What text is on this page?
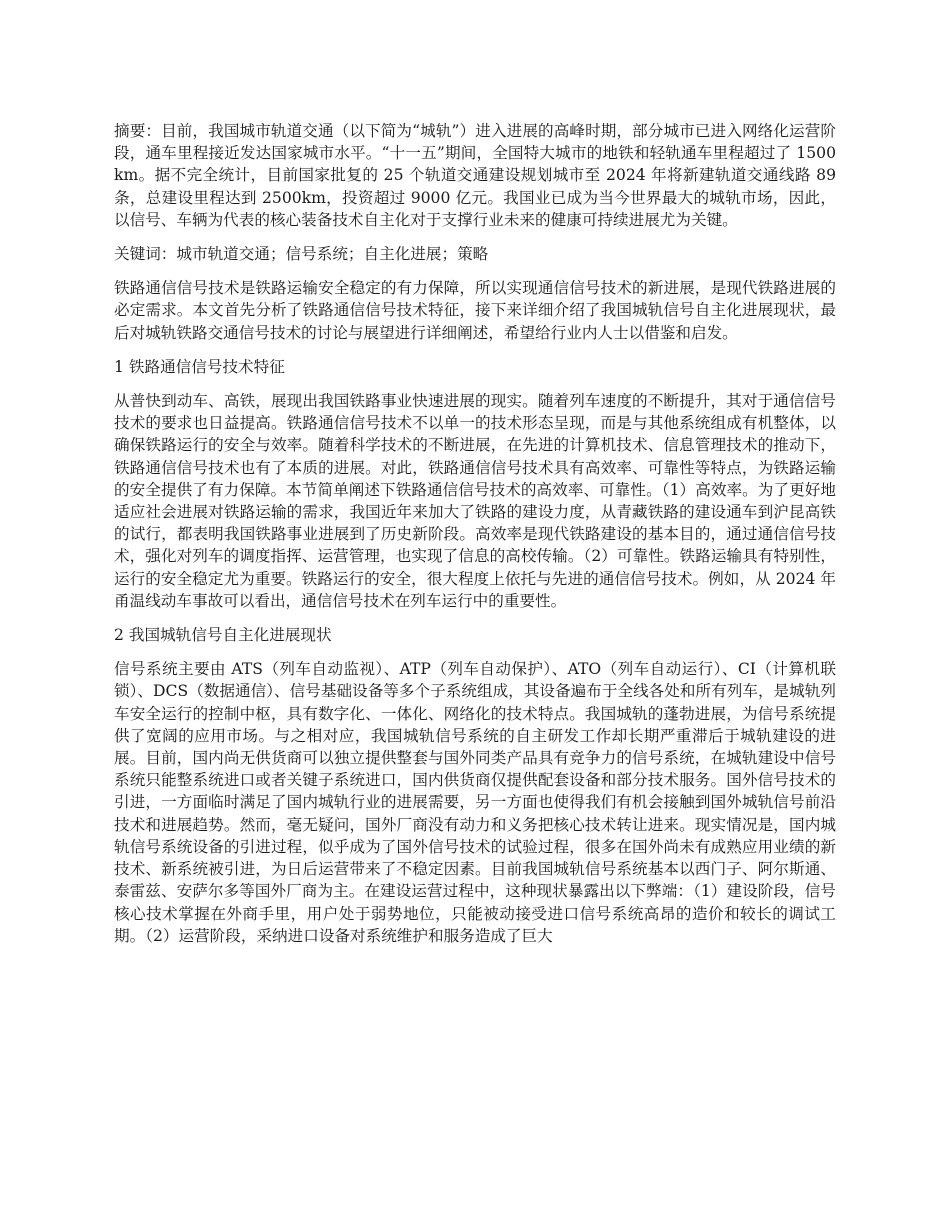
摘要：目前，我国城市轨道交通（以下简为“城轨”）进入进展的高峰时期，部分城市已进入网络化运营阶段，通车里程接近发达国家城市水平。“十一五”期间，全国特大城市的地铁和轻轨通车里程超过了 1500km。据不完全统计，目前国家批复的 25 个轨道交通建设规划城市至 2024 年将新建轨道交通线路 89 条，总建设里程达到 2500km，投资超过 9000 亿元。我国业已成为当今世界最大的城轨市场，因此，以信号、车辆为代表的核心装备技术自主化对于支撑行业未来的健康可持续进展尤为关键。

关键词：城市轨道交通；信号系统；自主化进展；策略

铁路通信信号技术是铁路运输安全稳定的有力保障，所以实现通信信号技术的新进展，是现代铁路进展的必定需求。本文首先分析了铁路通信信号技术特征，接下来详细介绍了我国城轨信号自主化进展现状，最后对城轨铁路交通信号技术的讨论与展望进行详细阐述，希望给行业内人士以借鉴和启发。

1 铁路通信信号技术特征

从普快到动车、高铁，展现出我国铁路事业快速进展的现实。随着列车速度的不断提升，其对于通信信号技术的要求也日益提高。铁路通信信号技术不以单一的技术形态呈现，而是与其他系统组成有机整体，以确保铁路运行的安全与效率。随着科学技术的不断进展，在先进的计算机技术、信息管理技术的推动下，铁路通信信号技术也有了本质的进展。对此，铁路通信信号技术具有高效率、可靠性等特点，为铁路运输的安全提供了有力保障。本节简单阐述下铁路通信信号技术的高效率、可靠性。（1）高效率。为了更好地适应社会进展对铁路运输的需求，我国近年来加大了铁路的建设力度，从青藏铁路的建设通车到沪昆高铁的试行，都表明我国铁路事业进展到了历史新阶段。高效率是现代铁路建设的基本目的，通过通信信号技术，强化对列车的调度指挥、运营管理，也实现了信息的高校传输。（2）可靠性。铁路运输具有特别性，运行的安全稳定尤为重要。铁路运行的安全，很大程度上依托与先进的通信信号技术。例如，从 2024 年甬温线动车事故可以看出，通信信号技术在列车运行中的重要性。

2 我国城轨信号自主化进展现状

信号系统主要由 ATS（列车自动监视）、ATP（列车自动保护）、ATO（列车自动运行）、CI（计算机联锁）、DCS（数据通信）、信号基础设备等多个子系统组成，其设备遍布于全线各处和所有列车，是城轨列车安全运行的控制中枢，具有数字化、一体化、网络化的技术特点。我国城轨的蓬勃进展，为信号系统提供了宽阔的应用市场。与之相对应，我国城轨信号系统的自主研发工作却长期严重滞后于城轨建设的进展。目前，国内尚无供货商可以独立提供整套与国外同类产品具有竞争力的信号系统，在城轨建设中信号系统只能整系统进口或者关键子系统进口，国内供货商仅提供配套设备和部分技术服务。国外信号技术的引进，一方面临时满足了国内城轨行业的进展需要，另一方面也使得我们有机会接触到国外城轨信号前沿技术和进展趋势。然而，毫无疑问，国外厂商没有动力和义务把核心技术转让进来。现实情况是，国内城轨信号系统设备的引进过程，似乎成为了国外信号技术的试验过程，很多在国外尚未有成熟应用业绩的新技术、新系统被引进，为日后运营带来了不稳定因素。目前我国城轨信号系统基本以西门子、阿尔斯通、泰雷兹、安萨尔多等国外厂商为主。在建设运营过程中，这种现状暴露出以下弊端：（1）建设阶段，信号核心技术掌握在外商手里，用户处于弱势地位，只能被动接受进口信号系统高昂的造价和较长的调试工期。（2）运营阶段，采纳进口设备对系统维护和服务造成了巨大
